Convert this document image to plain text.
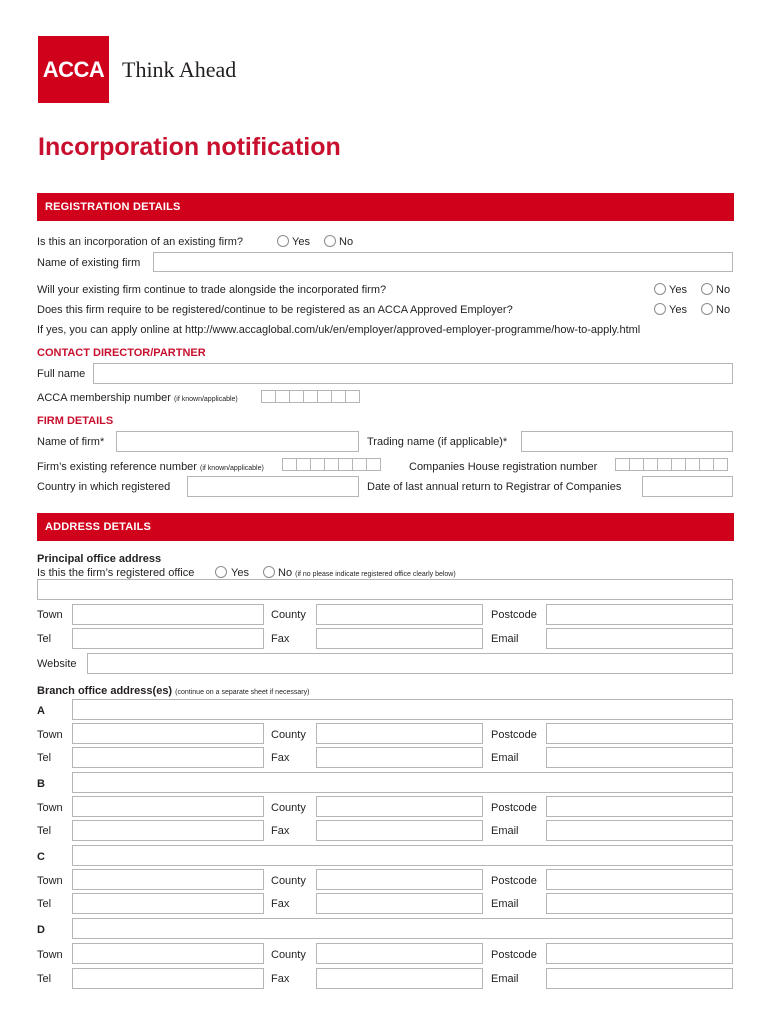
ACCA Think Ahead
Incorporation notification
REGISTRATION DETAILS
Is this an incorporation of an existing firm?	Yes	No
Name of existing firm
Will your existing firm continue to trade alongside the incorporated firm?	Yes	No
Does this firm require to be registered/continue to be registered as an ACCA Approved Employer?	Yes	No
If yes, you can apply online at http://www.accaglobal.com/uk/en/employer/approved-employer-programme/how-to-apply.html
CONTACT DIRECTOR/PARTNER
Full name
ACCA membership number (if known/applicable)
FIRM DETAILS
Name of firm*	Trading name (if applicable)*
Firm’s existing reference number (if known/applicable)	Companies House registration number
Country in which registered	Date of last annual return to Registrar of Companies
ADDRESS DETAILS
Principal office address
Is this the firm’s registered office	Yes	No (if no please indicate registered office clearly below)
Town	County	Postcode
Tel	Fax	Email
Website
Branch office address(es) (continue on a separate sheet if necessary)
A
Town	County	Postcode
Tel	Fax	Email
B
Town	County	Postcode
Tel	Fax	Email
C
Town	County	Postcode
Tel	Fax	Email
D
Town	County	Postcode
Tel	Fax	Email
